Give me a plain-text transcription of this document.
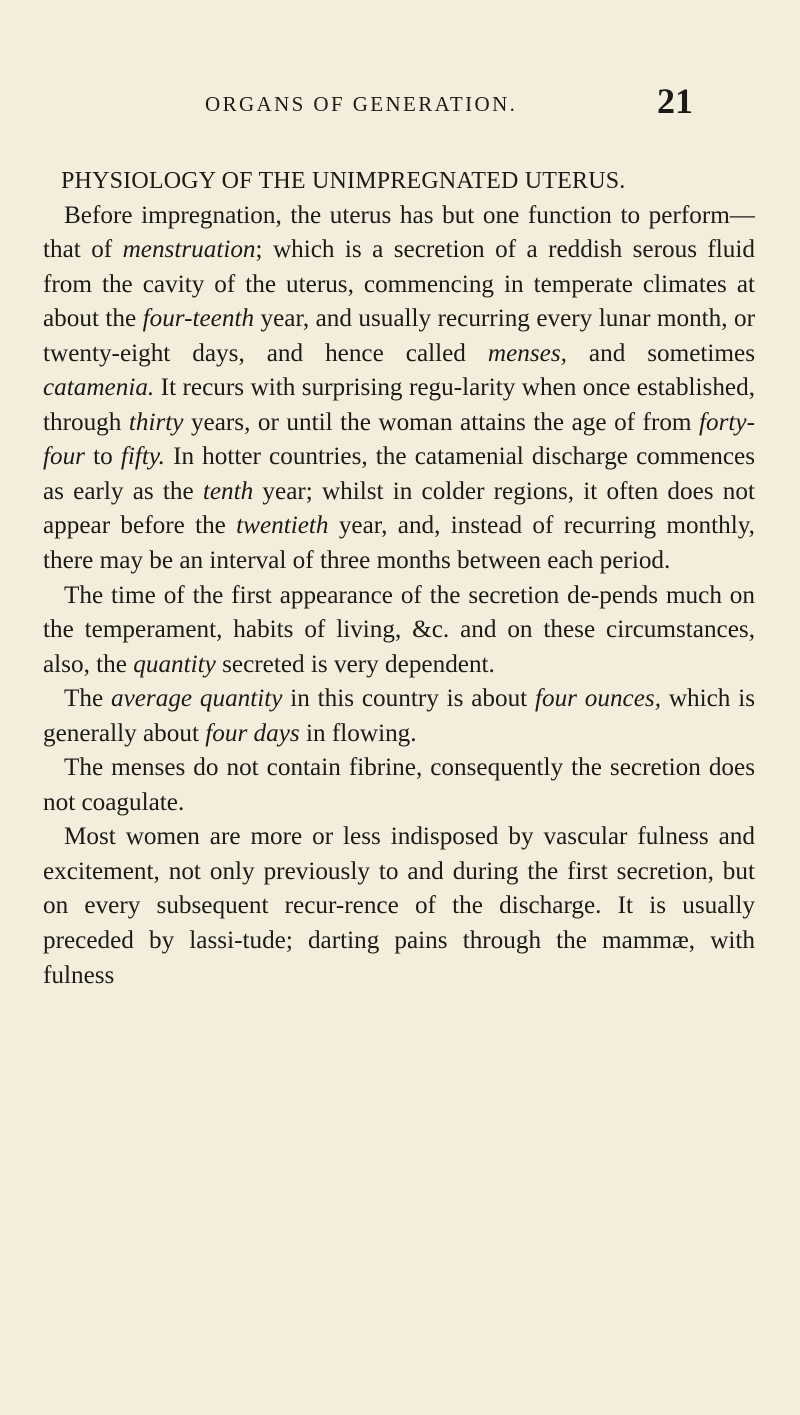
ORGANS OF GENERATION.	21
PHYSIOLOGY OF THE UNIMPREGNATED UTERUS.

Before impregnation, the uterus has but one function to perform—that of menstruation; which is a secretion of a reddish serous fluid from the cavity of the uterus, commencing in temperate climates at about the four-teenth year, and usually recurring every lunar month, or twenty-eight days, and hence called menses, and sometimes catamenia. It recurs with surprising regu-larity when once established, through thirty years, or until the woman attains the age of from forty-four to fifty. In hotter countries, the catamenial discharge commences as early as the tenth year; whilst in colder regions, it often does not appear before the twentieth year, and, instead of recurring monthly, there may be an interval of three months between each period.

The time of the first appearance of the secretion de-pends much on the temperament, habits of living, &c. and on these circumstances, also, the quantity secreted is very dependent.

The average quantity in this country is about four ounces, which is generally about four days in flowing.

The menses do not contain fibrine, consequently the secretion does not coagulate.

Most women are more or less indisposed by vascular fulness and excitement, not only previously to and during the first secretion, but on every subsequent recur-rence of the discharge. It is usually preceded by lassi-tude; darting pains through the mammæ, with fulness
